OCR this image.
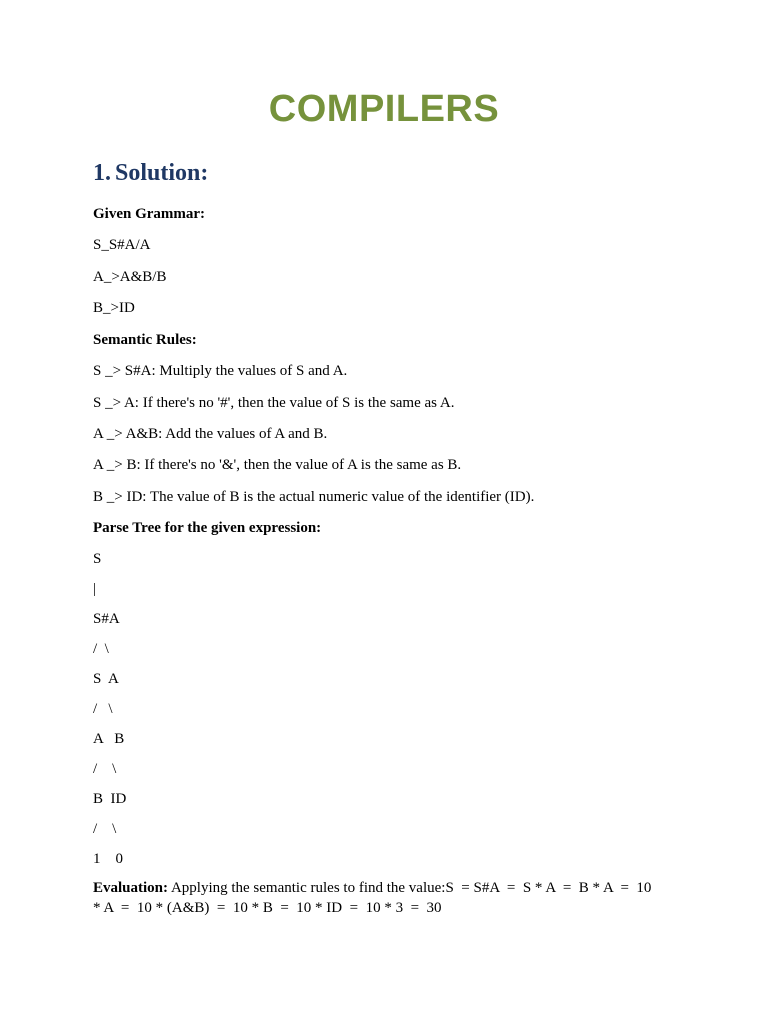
COMPILERS
1. Solution:
Given Grammar:
S_S#A/A
A_>A&B/B
B_>ID
Semantic Rules:
S _> S#A: Multiply the values of S and A.
S _> A: If there's no '#', then the value of S is the same as A.
A _> A&B: Add the values of A and B.
A _> B: If there's no '&', then the value of A is the same as B.
B _> ID: The value of B is the actual numeric value of the identifier (ID).
Parse Tree for the given expression:
S
|
S#A
/  \
S  A
/   \
A   B
/    \
B  ID
/    \
1    0
Evaluation: Applying the semantic rules to find the value:S  = S#A  =  S * A  =  B * A  =  10
* A  =  10 * (A&B)  =  10 * B  =  10 * ID  =  10 * 3  =  30
